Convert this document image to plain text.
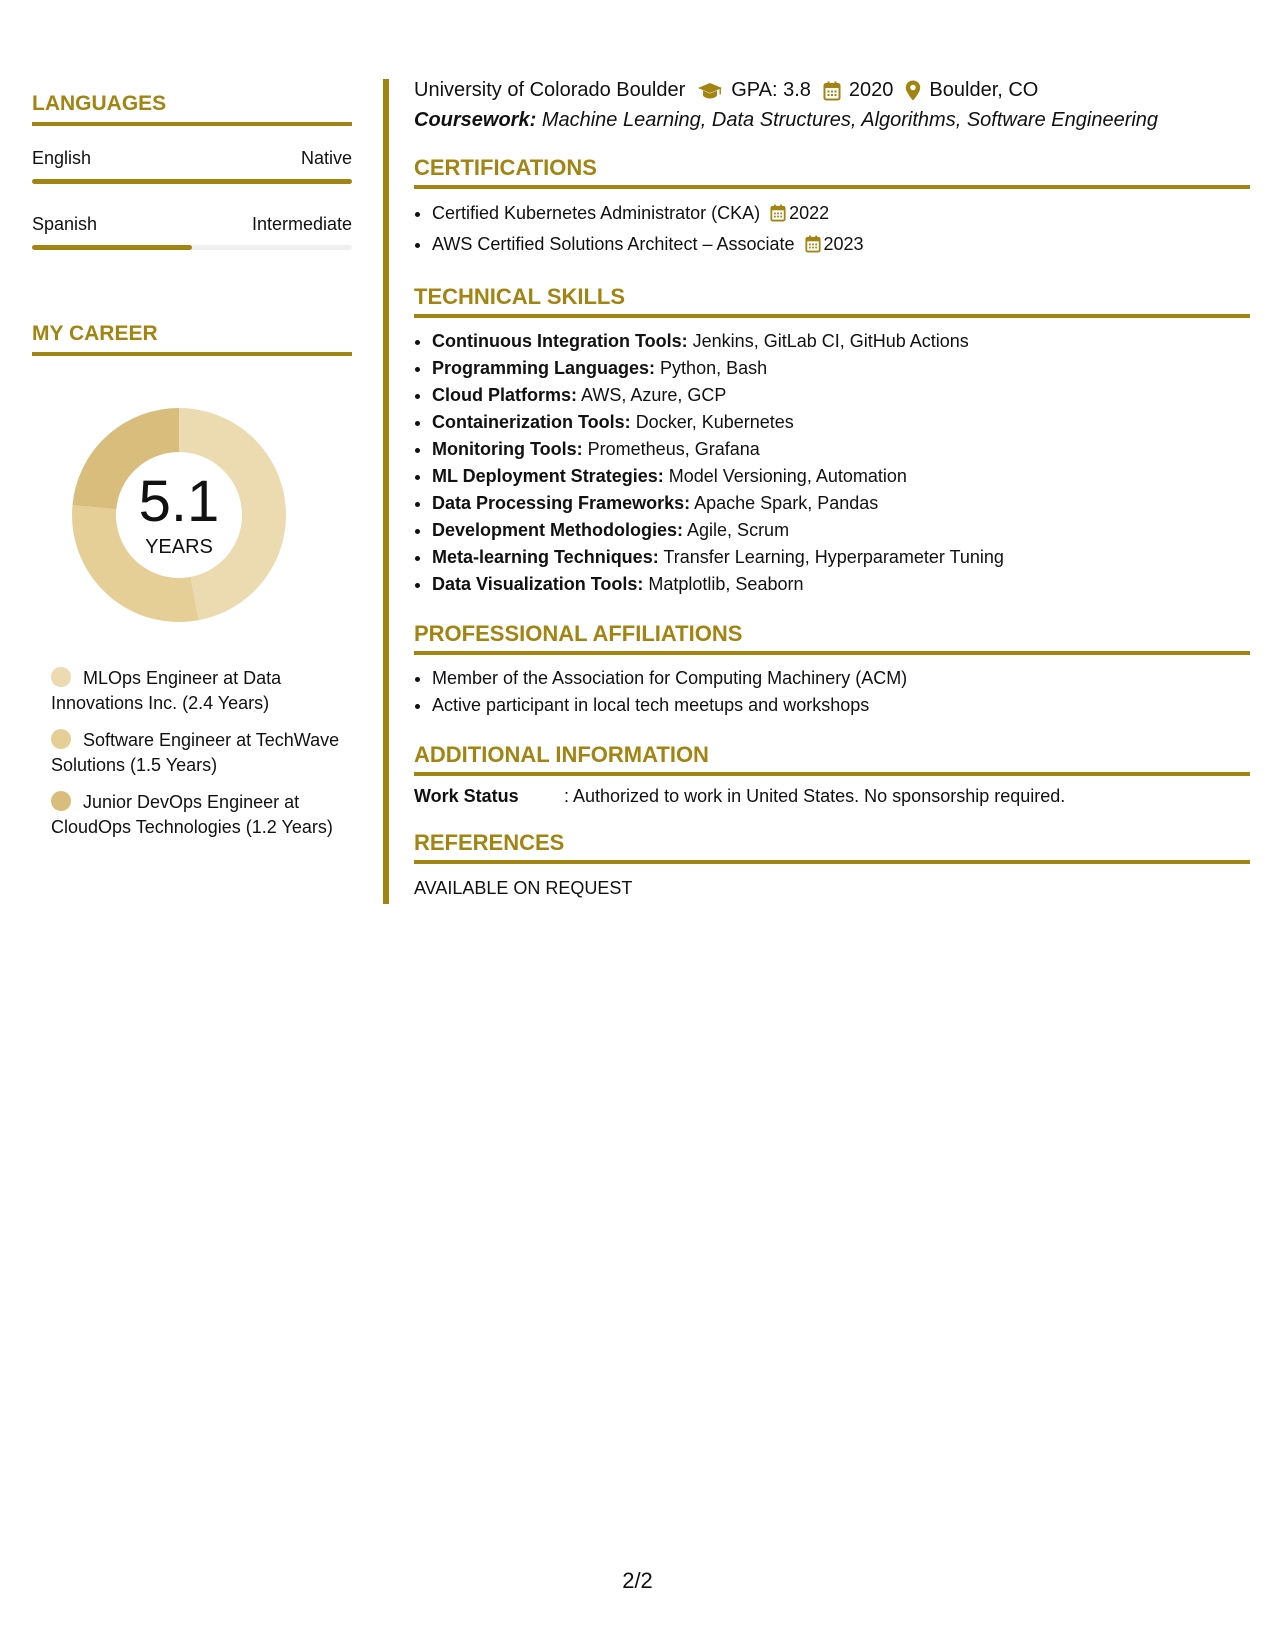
LANGUAGES
English	Native
Spanish	Intermediate
MY CAREER
5.1
YEARS
MLOps Engineer at Data Innovations Inc. (2.4 Years)
Software Engineer at TechWave Solutions (1.5 Years)
Junior DevOps Engineer at CloudOps Technologies (1.2 Years)
University of Colorado Boulder GPA: 3.8 2020 Boulder, CO
Coursework: Machine Learning, Data Structures, Algorithms, Software Engineering
CERTIFICATIONS
• Certified Kubernetes Administrator (CKA) 2022
• AWS Certified Solutions Architect – Associate 2023
TECHNICAL SKILLS
• Continuous Integration Tools: Jenkins, GitLab CI, GitHub Actions
• Programming Languages: Python, Bash
• Cloud Platforms: AWS, Azure, GCP
• Containerization Tools: Docker, Kubernetes
• Monitoring Tools: Prometheus, Grafana
• ML Deployment Strategies: Model Versioning, Automation
• Data Processing Frameworks: Apache Spark, Pandas
• Development Methodologies: Agile, Scrum
• Meta-learning Techniques: Transfer Learning, Hyperparameter Tuning
• Data Visualization Tools: Matplotlib, Seaborn
PROFESSIONAL AFFILIATIONS
• Member of the Association for Computing Machinery (ACM)
• Active participant in local tech meetups and workshops
ADDITIONAL INFORMATION
Work Status	: Authorized to work in United States. No sponsorship required.
REFERENCES
AVAILABLE ON REQUEST
2/2
